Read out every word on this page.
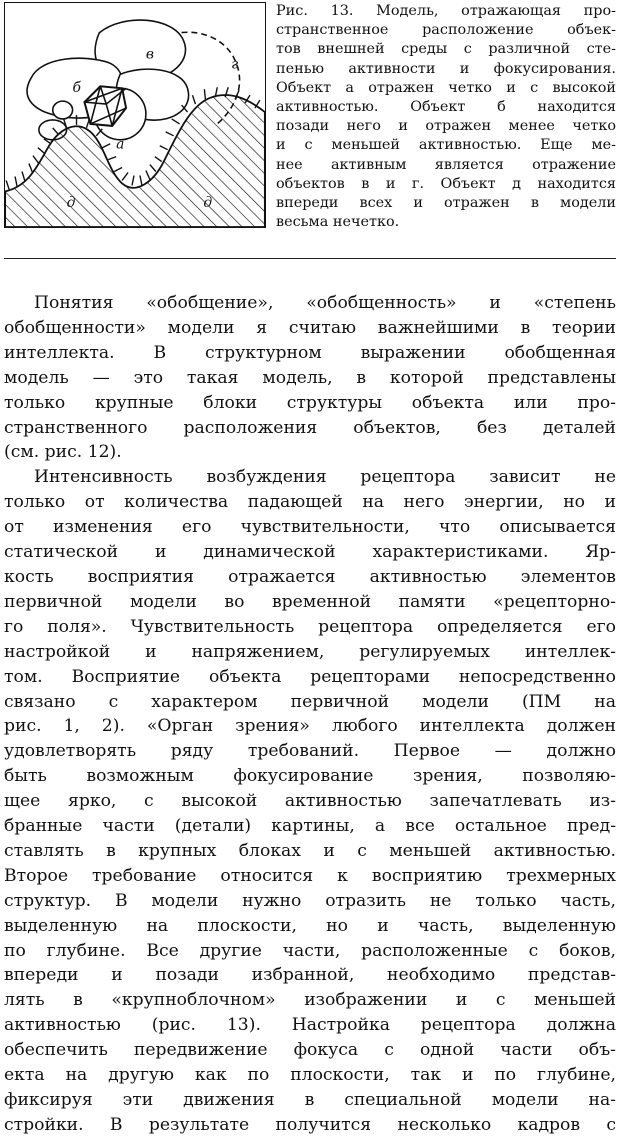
а
б
в
г
д	д
Рис. 13. Модель, отражающая про-
странственное расположение объек-
тов внешней среды с различной сте-
пенью активности и фокусирования.
Объект а отражен четко и с высокой
активностью. Объект б находится
позади него и отражен менее четко
и с меньшей активностью. Еще ме-
нее активным является отражение
объектов в и г. Объект д находится
впереди всех и отражен в модели
весьма нечетко.
Понятия «обобщение», «обобщенность» и «степень
обобщенности» модели я считаю важнейшими в теории
интеллекта. В структурном выражении обобщенная
модель — это такая модель, в которой представлены
только крупные блоки структуры объекта или про-
странственного расположения объектов, без деталей
(см. рис. 12).
Интенсивность возбуждения рецептора зависит не
только от количества падающей на него энергии, но и
от изменения его чувствительности, что описывается
статической и динамической характеристиками. Яр-
кость восприятия отражается активностью элементов
первичной модели во временной памяти «рецепторно-
го поля». Чувствительность рецептора определяется его
настройкой и напряжением, регулируемых интеллек-
том. Восприятие объекта рецепторами непосредственно
связано с характером первичной модели (ПМ на
рис. 1, 2). «Орган зрения» любого интеллекта должен
удовлетворять ряду требований. Первое — должно
быть возможным фокусирование зрения, позволяю-
щее ярко, с высокой активностью запечатлевать из-
бранные части (детали) картины, а все остальное пред-
ставлять в крупных блоках и с меньшей активностью.
Второе требование относится к восприятию трехмерных
структур. В модели нужно отразить не только часть,
выделенную на плоскости, но и часть, выделенную
по глубине. Все другие части, расположенные с боков,
впереди и позади избранной, необходимо представ-
лять в «крупноблочном» изображении и с меньшей
активностью (рис. 13). Настройка рецептора должна
обеспечить передвижение фокуса с одной части объ-
екта на другую как по плоскости, так и по глубине,
фиксируя эти движения в специальной модели на-
стройки. В результате получится несколько кадров с
